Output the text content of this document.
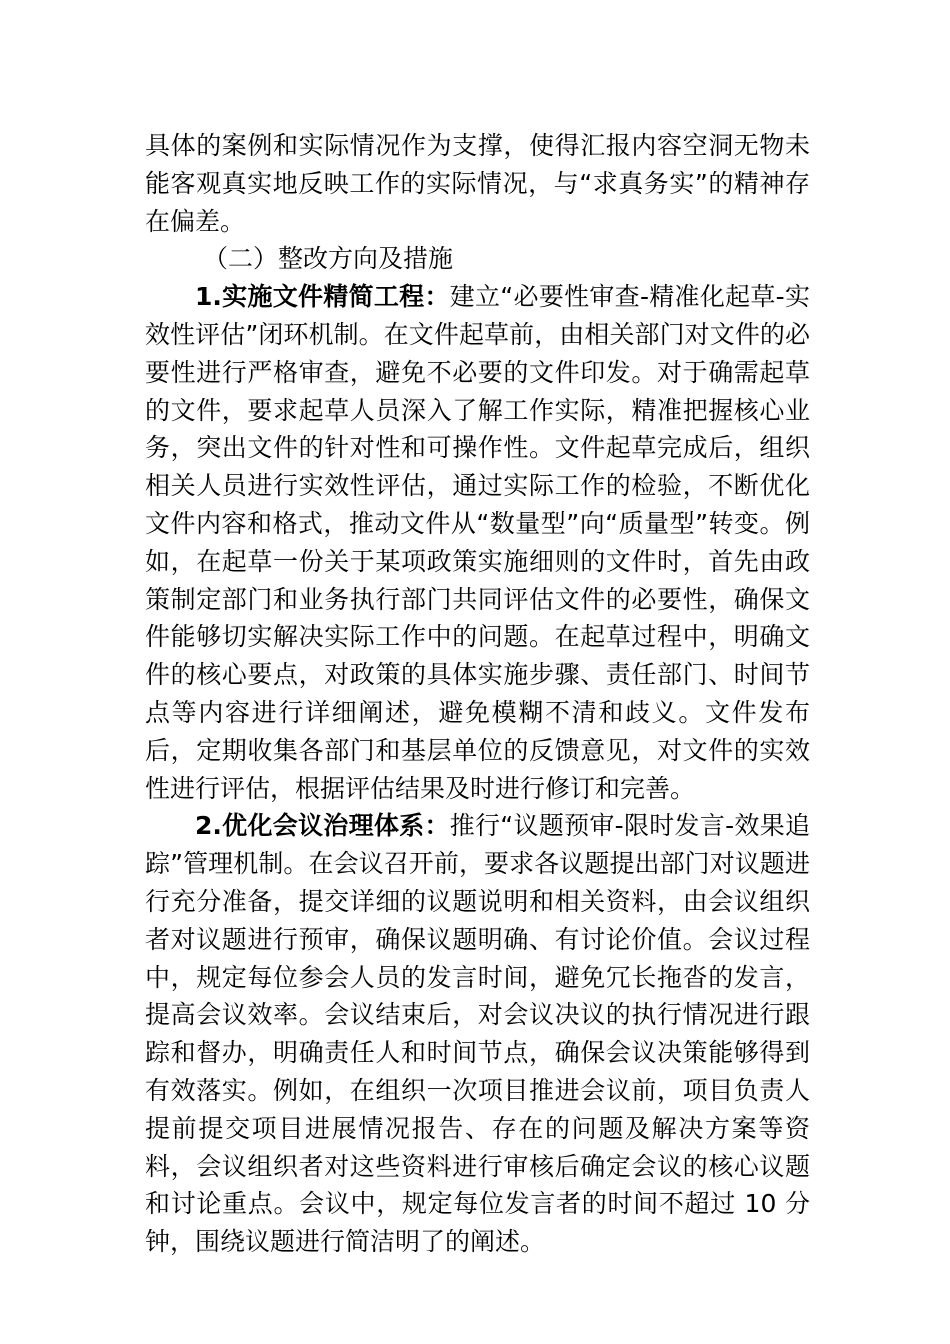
具体的案例和实际情况作为支撑，使得汇报内容空洞无物未能客观真实地反映工作的实际情况，与“求真务实”的精神存在偏差。

（二）整改方向及措施

1.实施文件精简工程：建立“必要性审查-精准化起草-实效性评估”闭环机制。在文件起草前，由相关部门对文件的必要性进行严格审查，避免不必要的文件印发。对于确需起草的文件，要求起草人员深入了解工作实际，精准把握核心业务，突出文件的针对性和可操作性。文件起草完成后，组织相关人员进行实效性评估，通过实际工作的检验，不断优化文件内容和格式，推动文件从“数量型”向“质量型”转变。例如，在起草一份关于某项政策实施细则的文件时，首先由政策制定部门和业务执行部门共同评估文件的必要性，确保文件能够切实解决实际工作中的问题。在起草过程中，明确文件的核心要点，对政策的具体实施步骤、责任部门、时间节点等内容进行详细阐述，避免模糊不清和歧义。文件发布后，定期收集各部门和基层单位的反馈意见，对文件的实效性进行评估，根据评估结果及时进行修订和完善。

2.优化会议治理体系：推行“议题预审-限时发言-效果追踪”管理机制。在会议召开前，要求各议题提出部门对议题进行充分准备，提交详细的议题说明和相关资料，由会议组织者对议题进行预审，确保议题明确、有讨论价值。会议过程中，规定每位参会人员的发言时间，避免冗长拖沓的发言，提高会议效率。会议结束后，对会议决议的执行情况进行跟踪和督办，明确责任人和时间节点，确保会议决策能够得到有效落实。例如，在组织一次项目推进会议前，项目负责人提前提交项目进展情况报告、存在的问题及解决方案等资料，会议组织者对这些资料进行审核后确定会议的核心议题和讨论重点。会议中，规定每位发言者的时间不超过 10 分钟，围绕议题进行简洁明了的阐述。
